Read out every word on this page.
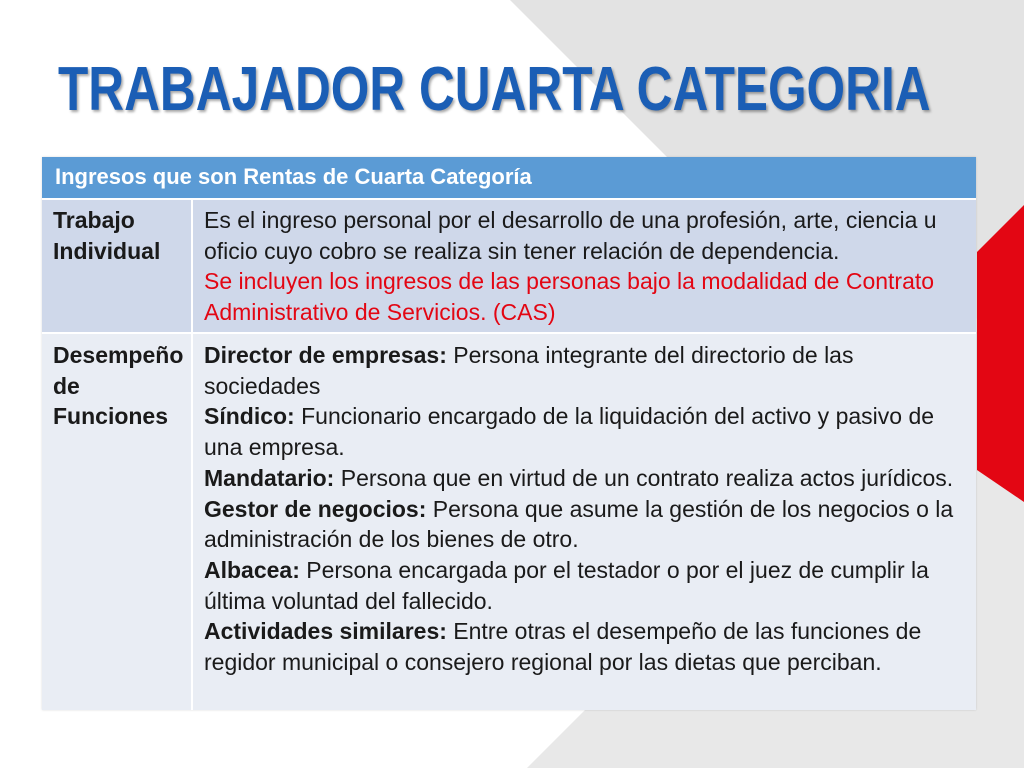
TRABAJADOR CUARTA CATEGORIA
Ingresos que son Rentas de Cuarta Categoría
Trabajo Individual

Es el ingreso personal por el desarrollo de una profesión, arte, ciencia u oficio cuyo cobro se realiza sin tener relación de dependencia.

Se incluyen los ingresos de las personas bajo la modalidad de Contrato Administrativo de Servicios. (CAS)

Desempeño de Funciones

Director de empresas: Persona integrante del directorio de las sociedades

Síndico: Funcionario encargado de la liquidación del activo y pasivo de una empresa.

Mandatario: Persona que en virtud de un contrato realiza actos jurídicos.

Gestor de negocios: Persona que asume la gestión de los negocios o la administración de los bienes de otro.

Albacea: Persona encargada por el testador o por el juez de cumplir la última voluntad del fallecido.

Actividades similares: Entre otras el desempeño de las funciones de regidor municipal o consejero regional por las dietas que perciban.
